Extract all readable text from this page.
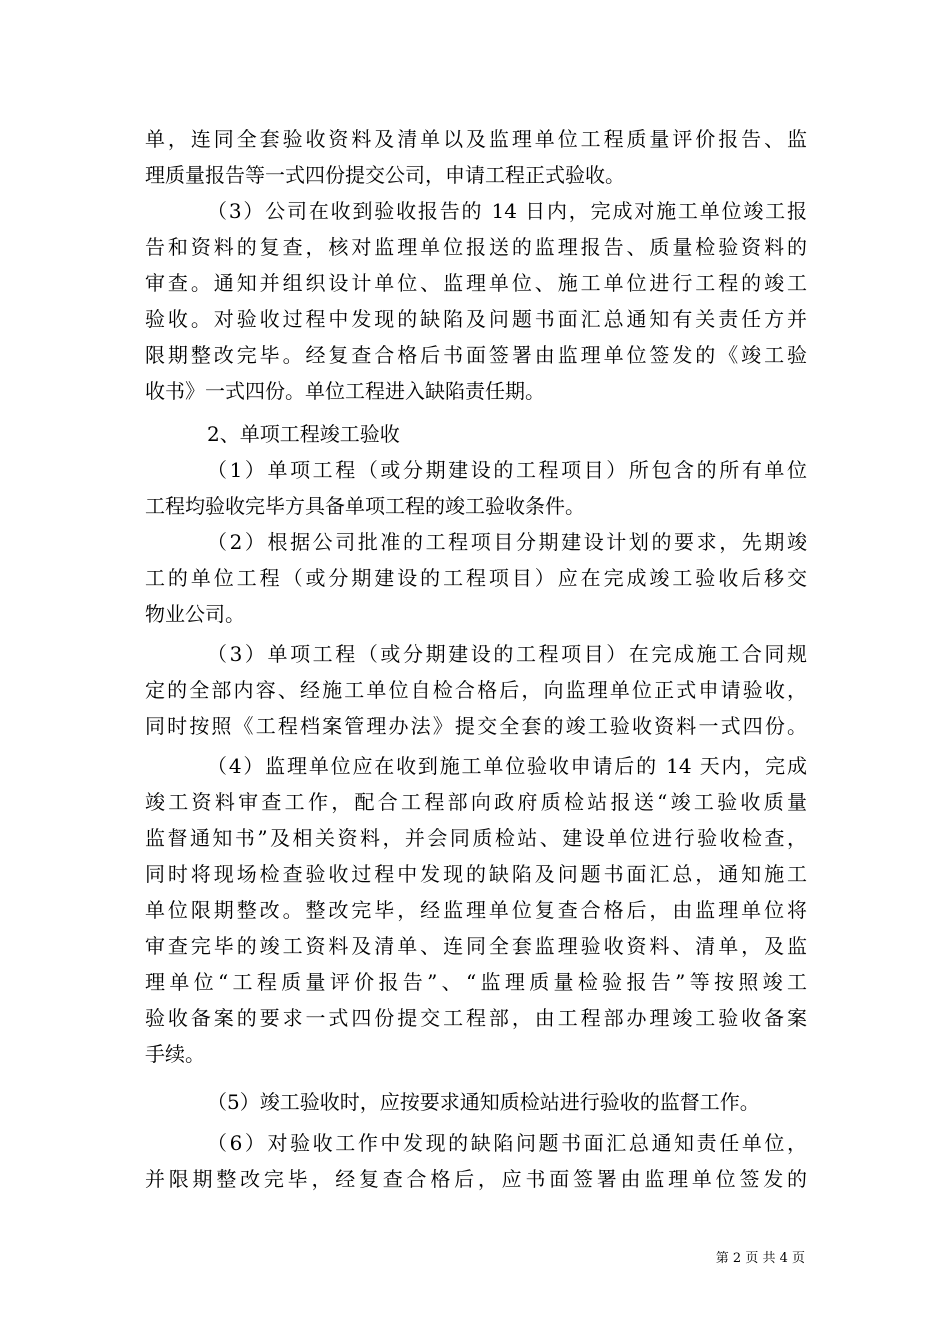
单，连同全套验收资料及清单以及监理单位工程质量评价报告、监
理质量报告等一式四份提交公司，申请工程正式验收。
（3）公司在收到验收报告的 14 日内，完成对施工单位竣工报
告和资料的复查，核对监理单位报送的监理报告、质量检验资料的
审查。通知并组织设计单位、监理单位、施工单位进行工程的竣工
验收。对验收过程中发现的缺陷及问题书面汇总通知有关责任方并
限期整改完毕。经复查合格后书面签署由监理单位签发的《竣工验
收书》一式四份。单位工程进入缺陷责任期。
2、单项工程竣工验收
（1）单项工程（或分期建设的工程项目）所包含的所有单位
工程均验收完毕方具备单项工程的竣工验收条件。
（2）根据公司批准的工程项目分期建设计划的要求，先期竣
工的单位工程（或分期建设的工程项目）应在完成竣工验收后移交
物业公司。
（3）单项工程（或分期建设的工程项目）在完成施工合同规
定的全部内容、经施工单位自检合格后，向监理单位正式申请验收，
同时按照《工程档案管理办法》提交全套的竣工验收资料一式四份。
（4）监理单位应在收到施工单位验收申请后的 14 天内，完成
竣工资料审查工作，配合工程部向政府质检站报送“竣工验收质量
监督通知书”及相关资料，并会同质检站、建设单位进行验收检查，
同时将现场检查验收过程中发现的缺陷及问题书面汇总，通知施工
单位限期整改。整改完毕，经监理单位复查合格后，由监理单位将
审查完毕的竣工资料及清单、连同全套监理验收资料、清单，及监
理单位“工程质量评价报告”、“监理质量检验报告”等按照竣工
验收备案的要求一式四份提交工程部，由工程部办理竣工验收备案
手续。
（5）竣工验收时，应按要求通知质检站进行验收的监督工作。
（6）对验收工作中发现的缺陷问题书面汇总通知责任单位，
并限期整改完毕，经复查合格后，应书面签署由监理单位签发的
第 2 页 共 4 页
